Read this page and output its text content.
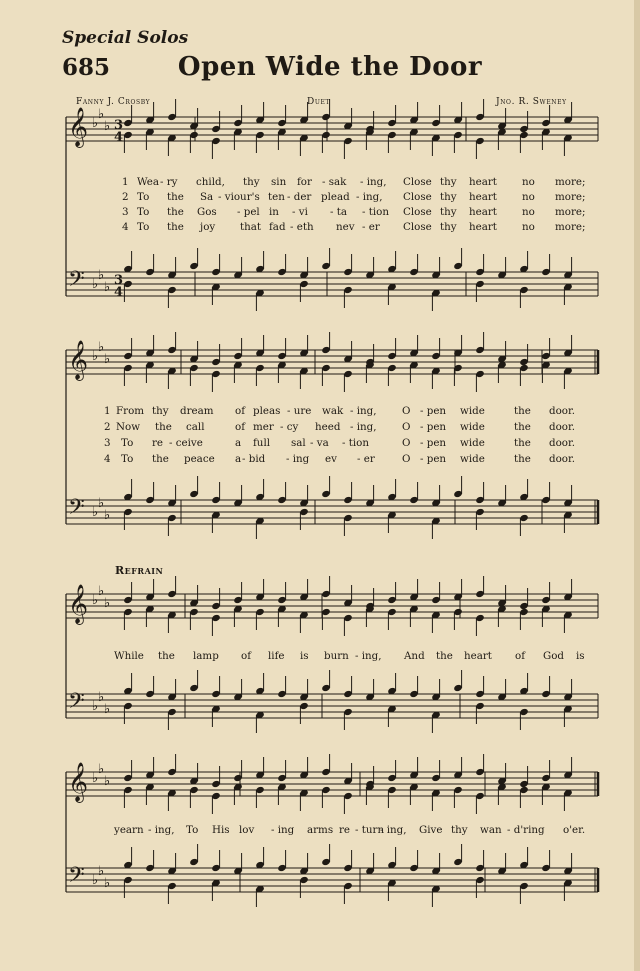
Special Solos
685	Open Wide the Door
Fanny J. Crosby	Duet	Jno. R. Sweney
𝄞
𝄢
♭
♭
♭
♭
♭
♭
3
4
3
4
𝄞
𝄢
♭
♭
♭
♭
♭
♭
𝄞
𝄢
♭
♭
♭
♭
♭
♭
𝄞
𝄢
♭
♭
♭
♭
♭
♭
1 Wea - ry child, thy sin for - sak - ing, Close thy heart no more;
2 To the Sa - viour's ten - der plead - ing, Close thy heart no more;
3 To the Gos - pel in - vi - ta - tion Close thy heart no more;
4 To the joy that fad - eth nev - er Close thy heart no more;
1 From thy dream of pleas - ure wak - ing, O - pen wide	the door.
2 Now the call	of mer - cy heed - ing, O - pen wide	the door.
3 To re - ceive	a full sal - va - tion	O - pen wide	the door.
4 To the peace a - bid - ing ev - er	O - pen wide	the door.
Refrain
While the lamp of life is burn - ing, And the heart of God is
yearn - ing, To His lov - ing arms re - turn
- ing, Give thy wan - d'ring o'er.
